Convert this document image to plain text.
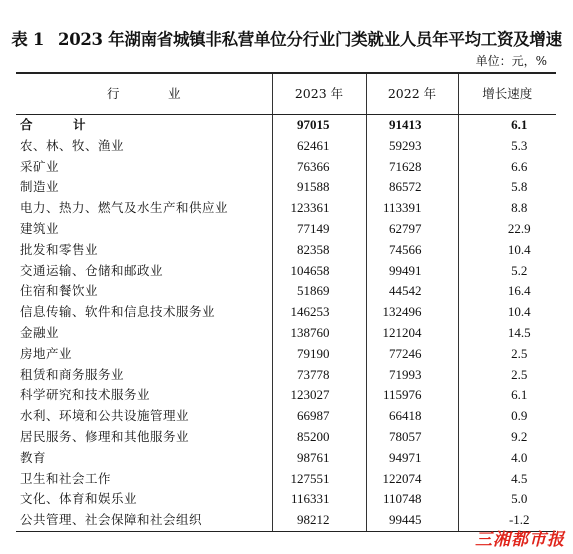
表 1 2023 年湖南省城镇非私营单位分行业门类就业人员年平均工资及增速
单位：元，%
行　业	2023 年	2022 年	增长速度
合　计	97015	91413	6.1
农、林、牧、渔业	62461	59293	5.3
采矿业	76366	71628	6.6
制造业	91588	86572	5.8
电力、热力、燃气及水生产和供应业	123361	113391	8.8
建筑业	77149	62797	22.9
批发和零售业	82358	74566	10.4
交通运输、仓储和邮政业	104658	99491	5.2
住宿和餐饮业	51869	44542	16.4
信息传输、软件和信息技术服务业	146253	132496	10.4
金融业	138760	121204	14.5
房地产业	79190	77246	2.5
租赁和商务服务业	73778	71993	2.5
科学研究和技术服务业	123027	115976	6.1
水利、环境和公共设施管理业	66987	66418	0.9
居民服务、修理和其他服务业	85200	78057	9.2
教育	98761	94971	4.0
卫生和社会工作	127551	122074	4.5
文化、体育和娱乐业	116331	110748	5.0
公共管理、社会保障和社会组织	98212	99445	-1.2
三湘都市报
